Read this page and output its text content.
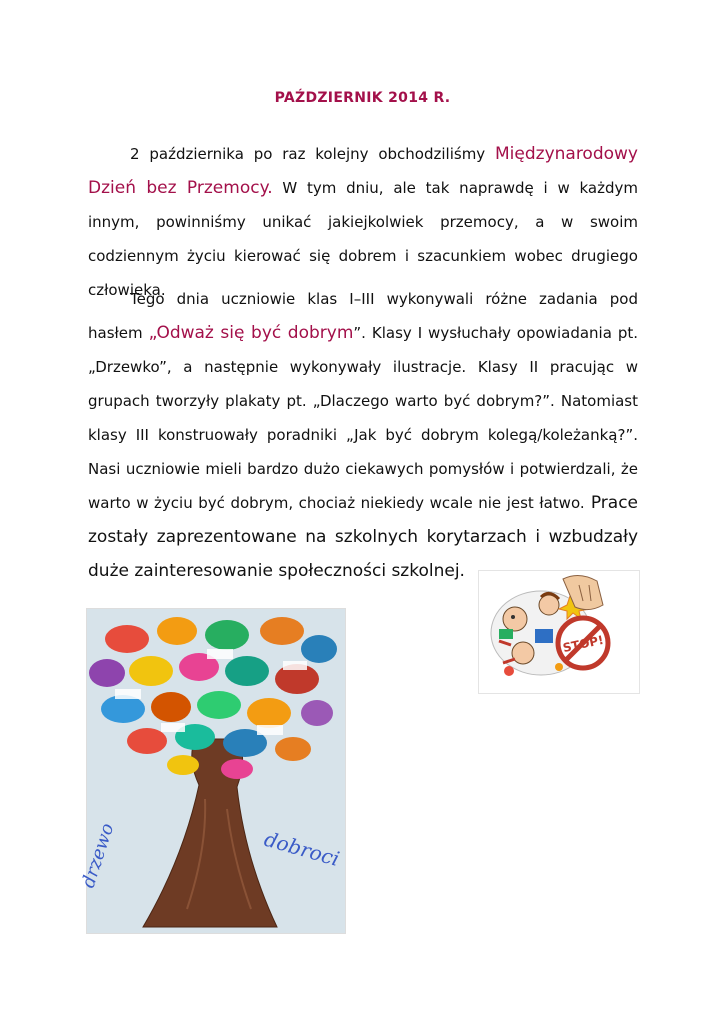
PAŹDZIERNIK 2014 R.
2 października po raz kolejny obchodziliśmy Międzynarodowy Dzień bez Przemocy. W tym dniu, ale tak naprawdę i w każdym innym, powinniśmy unikać jakiejkolwiek przemocy, a w swoim codziennym życiu kierować się dobrem i szacunkiem wobec drugiego człowieka.
Tego dnia uczniowie klas I–III wykonywali różne zadania pod hasłem „Odważ się być dobrym”. Klasy I wysłuchały opowiadania pt. „Drzewko”, a następnie wykonywały ilustracje. Klasy II pracując w grupach tworzyły plakaty pt. „Dlaczego warto być dobrym?”. Natomiast klasy III konstruowały poradniki „Jak być dobrym kolegą/koleżanką?”. Nasi uczniowie mieli bardzo dużo ciekawych pomysłów i potwierdzali, że warto w życiu być dobrym, chociaż niekiedy wcale nie jest łatwo. Prace zostały zaprezentowane na szkolnych korytarzach i wzbudzały duże zainteresowanie społeczności szkolnej.
STOP!
dobroci
drzewo
